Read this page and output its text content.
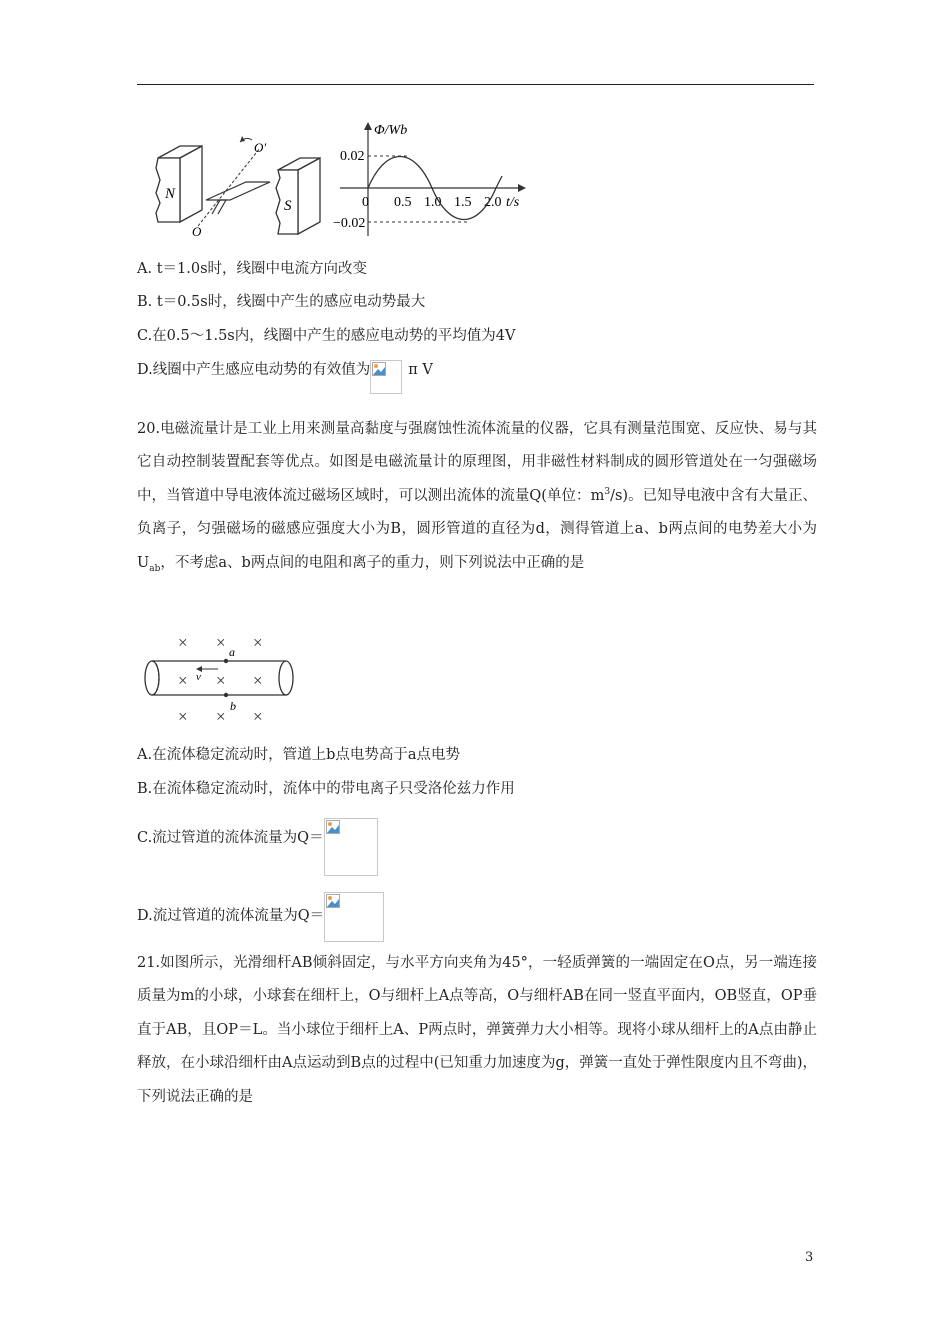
N
S
O′
O
Φ/Wb
t/s
0.02
0
−0.02
0.5 1.0 1.5 2.0
A. t＝1.0s时，线圈中电流方向改变
B. t＝0.5s时，线圈中产生的感应电动势最大
C.在0.5～1.5s内，线圈中产生的感应电动势的平均值为4V
D.线圈中产生感应电动势的有效值为	π V
20.电磁流量计是工业上用来测量高黏度与强腐蚀性流体流量的仪器，它具有测量范围宽、反应快、易与其它自动控制装置配套等优点。如图是电磁流量计的原理图，用非磁性材料制成的圆形管道处在一匀强磁场中，当管道中导电液体流过磁场区域时，可以测出流体的流量Q(单位：$m^3/s$)。已知导电液中含有大量正、负离子，匀强磁场的磁感应强度大小为B，圆形管道的直径为d，测得管道上a、b两点间的电势差大小为$U_{ab}$，不考虑a、b两点间的电阻和离子的重力，则下列说法中正确的是
× × ×
× × ×
× × ×
a
b
v
A.在流体稳定流动时，管道上b点电势高于a点电势
B.在流体稳定流动时，流体中的带电离子只受洛伦兹力作用
C.流过管道的流体流量为Q＝
D.流过管道的流体流量为Q＝
21.如图所示，光滑细杆AB倾斜固定，与水平方向夹角为45°，一轻质弹簧的一端固定在O点，另一端连接质量为m的小球，小球套在细杆上，O与细杆上A点等高，O与细杆AB在同一竖直平面内，OB竖直，OP垂直于AB，且OP＝L。当小球位于细杆上A、P两点时，弹簧弹力大小相等。现将小球从细杆上的A点由静止释放，在小球沿细杆由A点运动到B点的过程中(已知重力加速度为g，弹簧一直处于弹性限度内且不弯曲)，下列说法正确的是
3
